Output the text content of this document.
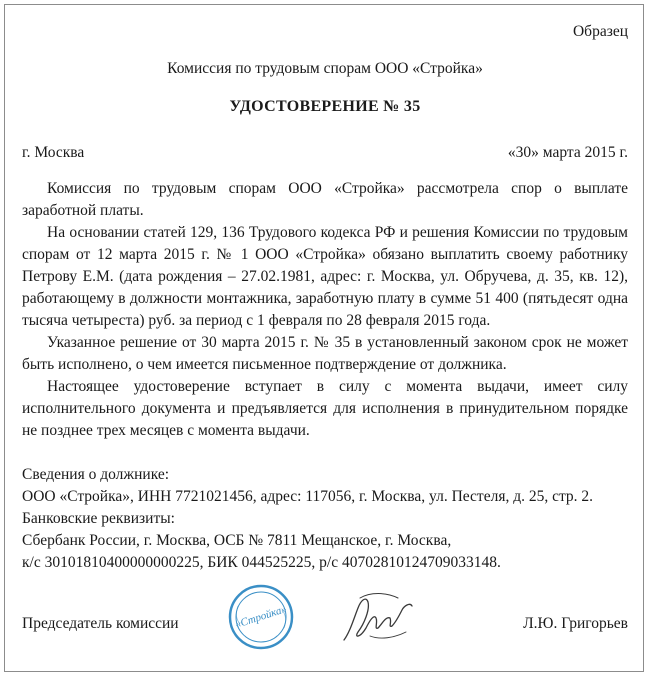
Образец
Комиссия по трудовым спорам ООО «Стройка»
УДОСТОВЕРЕНИЕ № 35
г. Москва	«30» марта 2015 г.

Комиссия по трудовым спорам ООО «Стройка» рассмотрела спор о выплате заработной платы.

На основании статей 129, 136 Трудового кодекса РФ и решения Комиссии по трудовым спорам от 12 марта 2015 г. № 1 ООО «Стройка» обязано выплатить своему работнику Петрову Е.М. (дата рождения – 27.02.1981, адрес: г. Москва, ул. Обручева, д. 35, кв. 12), работающему в должности монтажника, заработную плату в сумме 51 400 (пятьдесят одна тысяча четыреста) руб. за период с 1 февраля по 28 февраля 2015 года.

Указанное решение от 30 марта 2015 г. № 35 в установленный законом срок не может быть исполнено, о чем имеется письменное подтверждение от должника.

Настоящее удостоверение вступает в силу с момента выдачи, имеет силу исполнительного документа и предъявляется для исполнения в принудительном порядке не позднее трех месяцев с момента выдачи.

Сведения о должнике:
ООО «Стройка», ИНН 7721021456, адрес: 117056, г. Москва, ул. Пестеля, д. 25, стр. 2.
Банковские реквизиты:
Сбербанк России, г. Москва, ОСБ № 7811 Мещанское, г. Москва,
к/с 30101810400000000225, БИК 044525225, р/с 40702810124709033148.
Председатель комиссии	Л.Ю. Григорьев
«Стройка»
